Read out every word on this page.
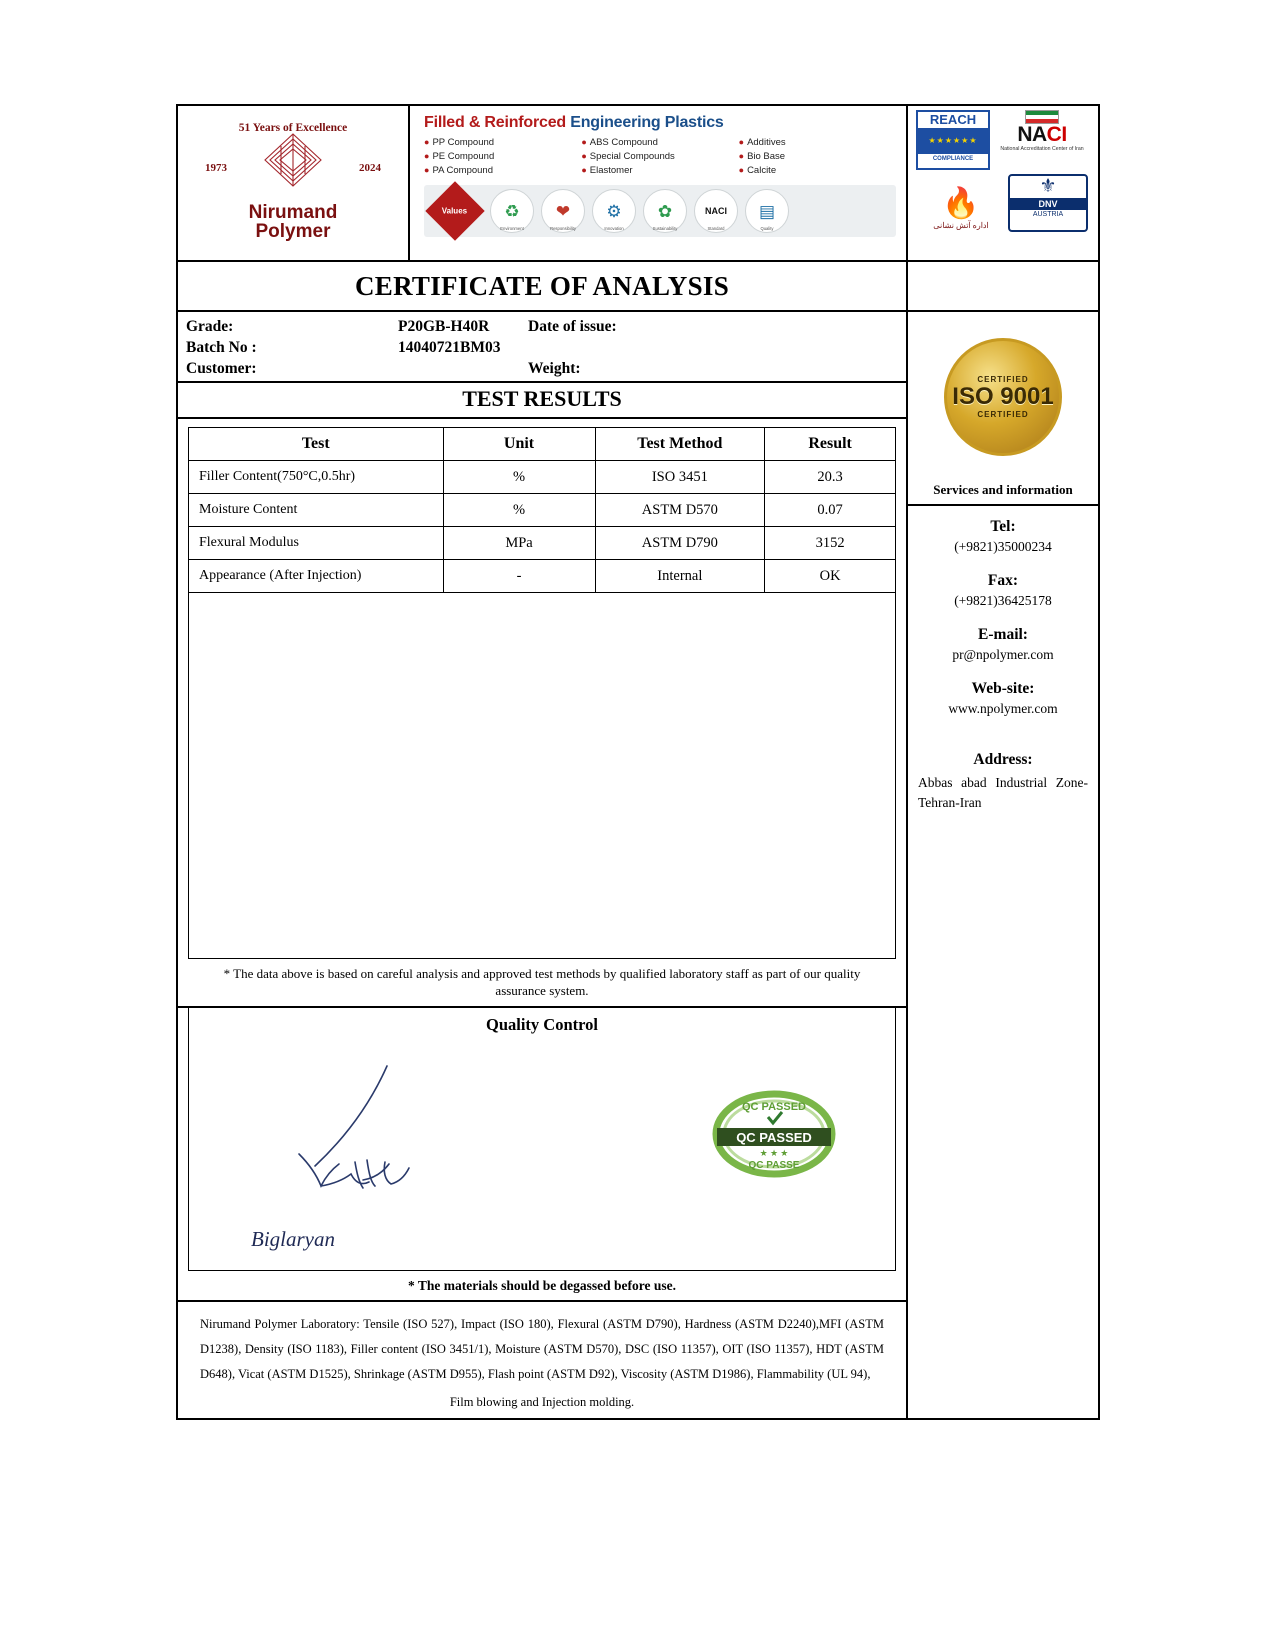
51 Years of Excellence
1973	2024
Nirumand
Polymer
Filled & Reinforced Engineering Plastics
● PP Compound
● PE Compound
● PA Compound
● ABS Compound
● Special Compounds
● Elastomer
● Additives
● Bio Base
● Calcite
Values ♻
Environment
❤
Responsibility
⚙
Innovation
✿
Sustainability
NACI
Standard
▤
Quality
REACH
★★★★★★
COMPLIANCE
NACI
National Accreditation Center of Iran
🔥
اداره آتش نشانی
⚜
DNV
AUSTRIA
CERTIFICATE OF ANALYSIS
Grade:	P20GB-H40R	Date of issue:
Batch No :	14040721BM03
Customer:	Weight:
TEST RESULTS
Test	Unit	Test Method	Result
Filler Content(750°C,0.5hr)	%	ISO 3451	20.3
Moisture Content	%	ASTM D570	0.07
Flexural Modulus	MPa	ASTM D790	3152
Appearance (After Injection)	-	Internal	OK
* The data above is based on careful analysis and approved test methods by qualified laboratory staff as part of our quality assurance system.
Quality Control
Biglaryan
QC PASSED
QC PASSED
★ ★ ★
QC PASSE
* The materials should be degassed before use.
Nirumand Polymer Laboratory: Tensile (ISO 527), Impact (ISO 180), Flexural (ASTM D790), Hardness (ASTM D2240),MFI (ASTM D1238), Density (ISO 1183), Filler content (ISO 3451/1), Moisture (ASTM D570), DSC (ISO 11357), OIT (ISO 11357), HDT (ASTM D648), Vicat (ASTM D1525), Shrinkage (ASTM D955), Flash point (ASTM D92), Viscosity (ASTM D1986), Flammability (UL 94),
Film blowing and Injection molding.
CERTIFIED
ISO 9001
CERTIFIED
Services and information
Tel:
(+9821)35000234
Fax:
(+9821)36425178
E-mail:
pr@npolymer.com
Web-site:
www.npolymer.com
Address:
Abbas abad Industrial Zone-Tehran-Iran
